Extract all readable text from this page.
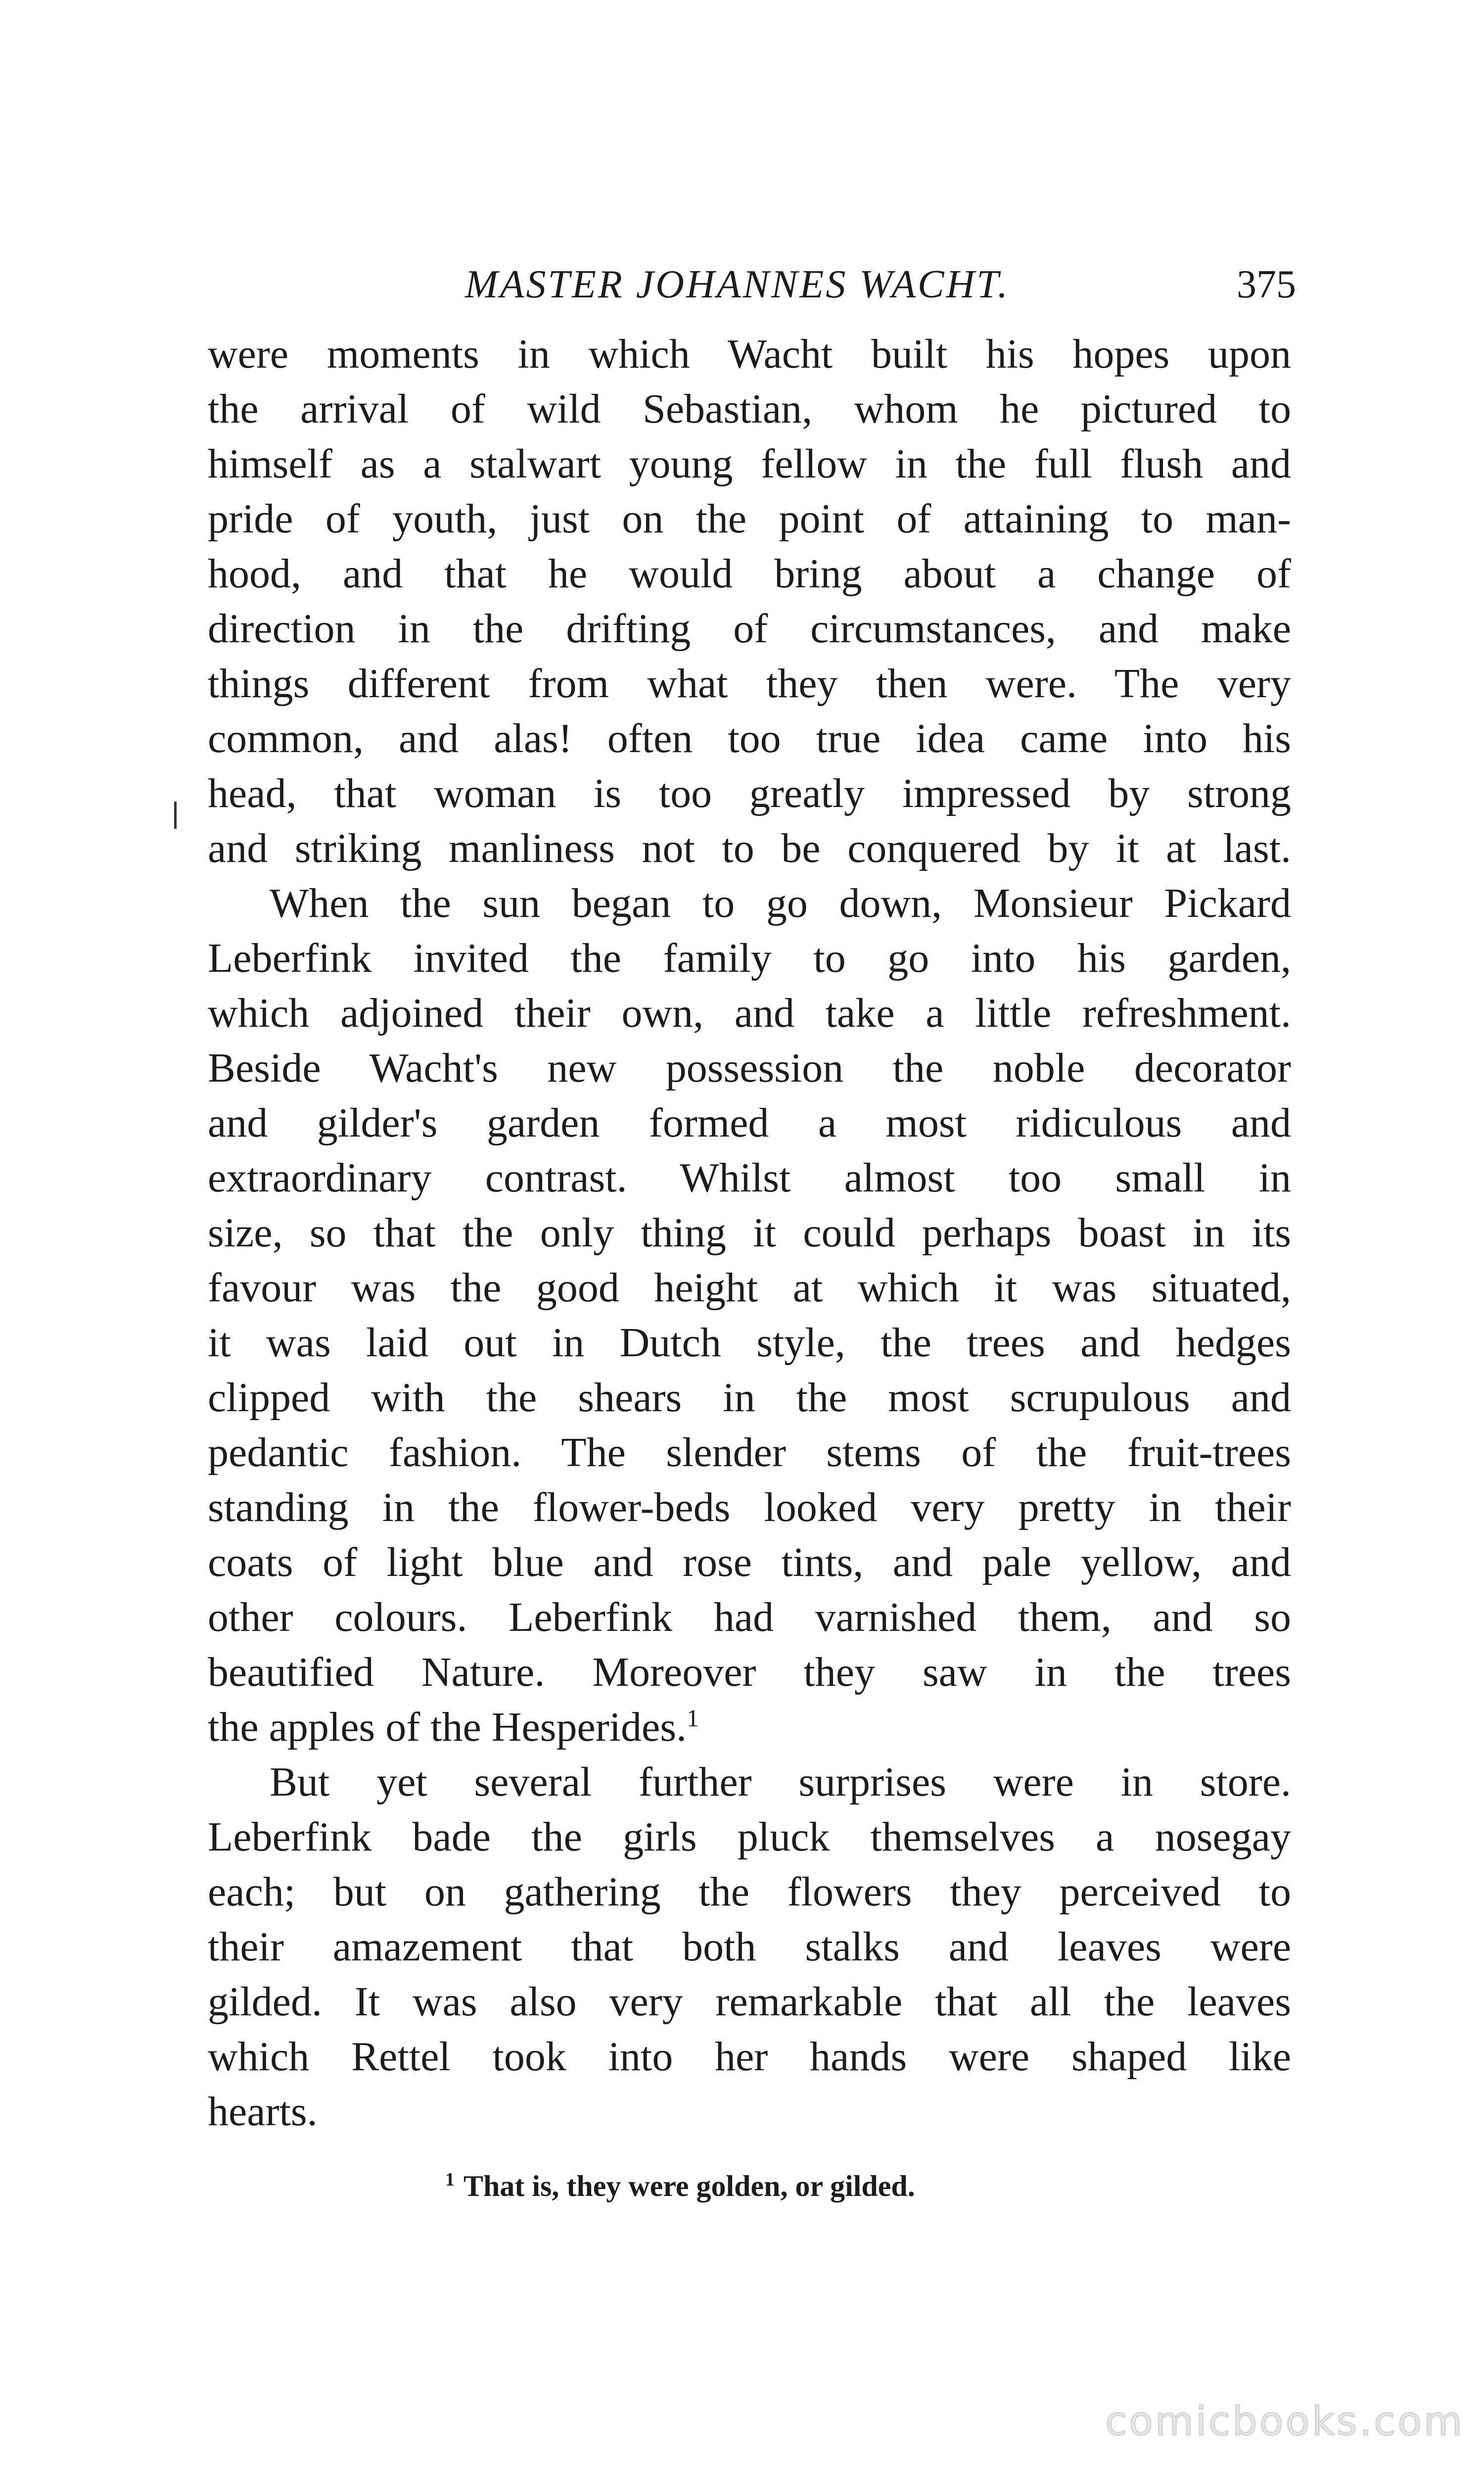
MASTER JOHANNES WACHT.	375
were moments in which Wacht built his hopes upon
the arrival of wild Sebastian, whom he pictured to
himself as a stalwart young fellow in the full flush and
pride of youth, just on the point of attaining to man-
hood, and that he would bring about a change of
direction in the drifting of circumstances, and make
things different from what they then were. The very
common, and alas! often too true idea came into his
head, that woman is too greatly impressed by strong
and striking manliness not to be conquered by it at last.
When the sun began to go down, Monsieur Pickard
Leberfink invited the family to go into his garden,
which adjoined their own, and take a little refreshment.
Beside Wacht's new possession the noble decorator
and gilder's garden formed a most ridiculous and
extraordinary contrast. Whilst almost too small in
size, so that the only thing it could perhaps boast in its
favour was the good height at which it was situated,
it was laid out in Dutch style, the trees and hedges
clipped with the shears in the most scrupulous and
pedantic fashion. The slender stems of the fruit-trees
standing in the flower-beds looked very pretty in their
coats of light blue and rose tints, and pale yellow, and
other colours. Leberfink had varnished them, and so
beautified Nature. Moreover they saw in the trees
the apples of the Hesperides.$^1$
But yet several further surprises were in store.
Leberfink bade the girls pluck themselves a nosegay
each; but on gathering the flowers they perceived to
their amazement that both stalks and leaves were
gilded. It was also very remarkable that all the leaves
which Rettel took into her hands were shaped like
hearts.
$^1$ That is, they were golden, or gilded.
comicbooks.com
